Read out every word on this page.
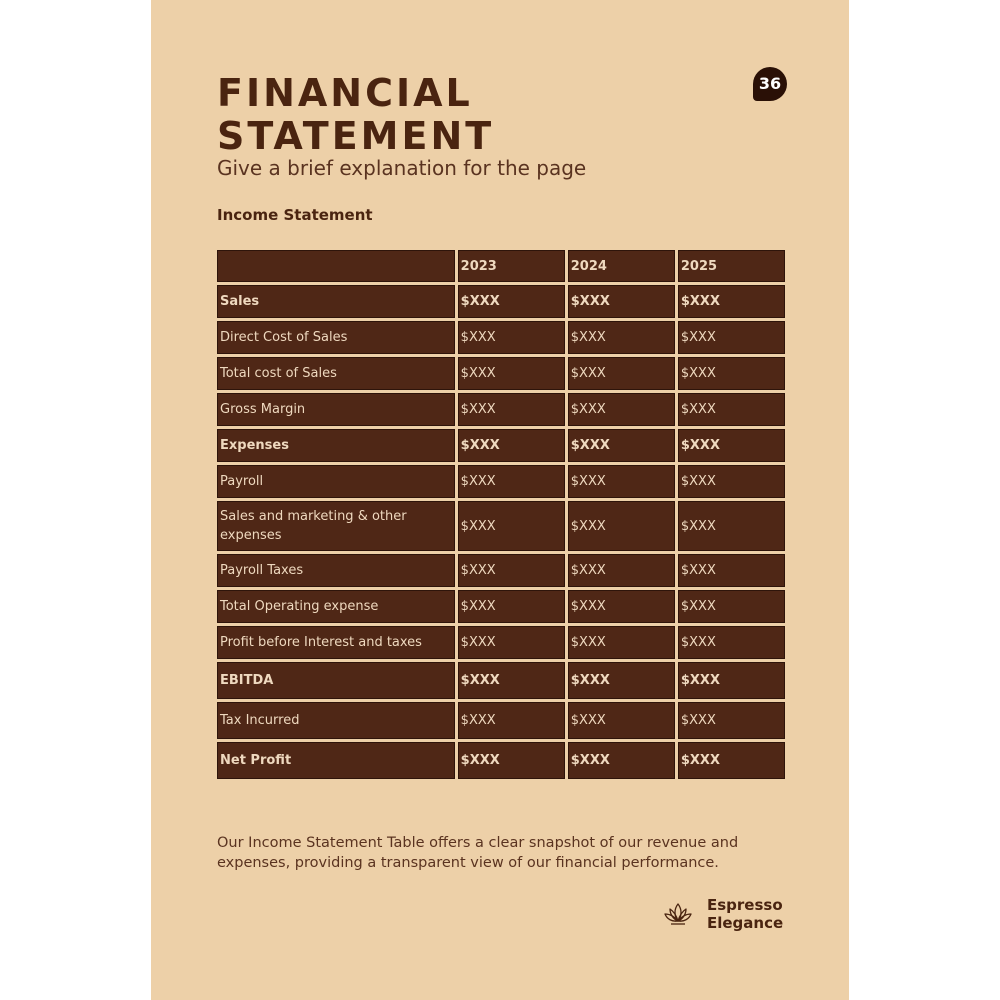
FINANCIAL
STATEMENT
36
Give a brief explanation for the page
Income Statement
	2023	2024	2025
Sales	$XXX	$XXX	$XXX
Direct Cost of Sales	$XXX	$XXX	$XXX
Total cost of Sales	$XXX	$XXX	$XXX
Gross Margin	$XXX	$XXX	$XXX
Expenses	$XXX	$XXX	$XXX
Payroll	$XXX	$XXX	$XXX
Sales and marketing & other expenses	$XXX	$XXX	$XXX
Payroll Taxes	$XXX	$XXX	$XXX
Total Operating expense	$XXX	$XXX	$XXX
Profit before Interest and taxes	$XXX	$XXX	$XXX
EBITDA	$XXX	$XXX	$XXX
Tax Incurred	$XXX	$XXX	$XXX
Net Profit	$XXX	$XXX	$XXX

Our Income Statement Table offers a clear snapshot of our revenue and expenses, providing a transparent view of our financial performance.

Espresso
Elegance
